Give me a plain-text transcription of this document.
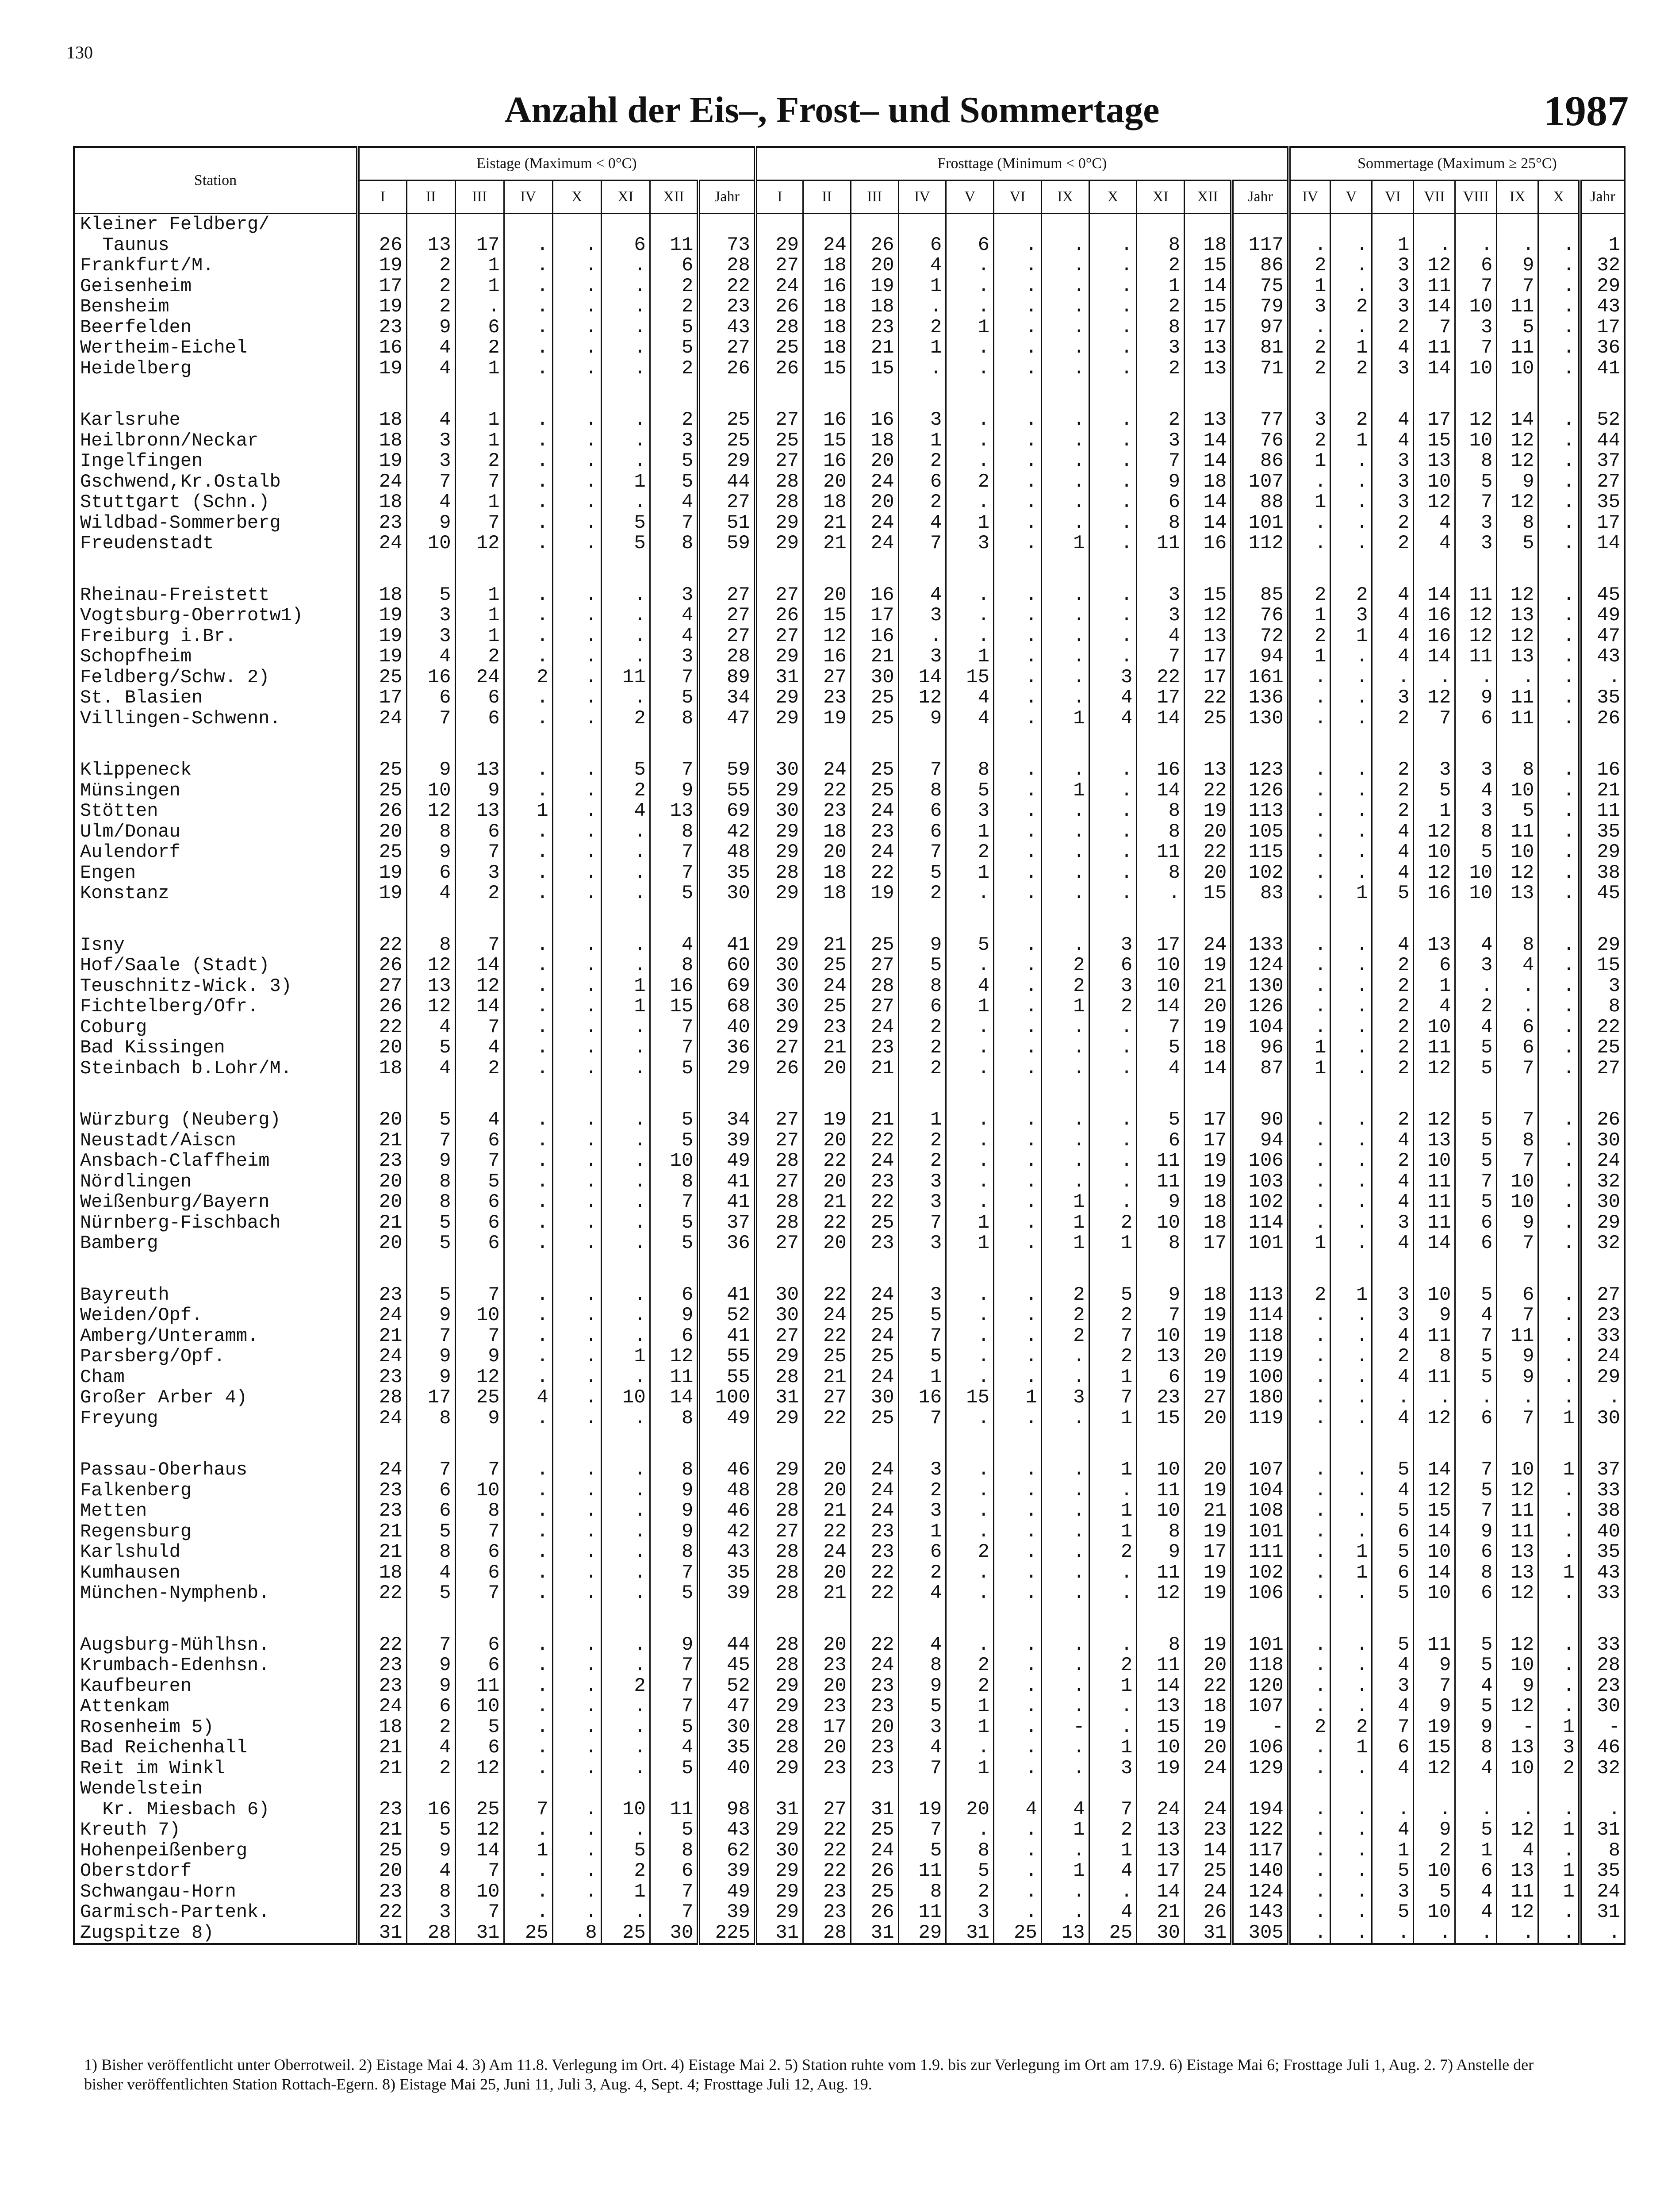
130
Anzahl der Eis–, Frost– und Sommertage	1987
Station	Eistage (Maximum < 0°C)								Frosttage (Minimum < 0°C)											Sommertage (Maximum ≥ 25°C)							
	I	II	III	IV	X	XI	XII	Jahr	I	II	III	IV	V	VI	IX	X	XI	XII	Jahr	IV	V	VI	VII	VIII	IX	X	Jahr
Kleiner Feldberg/																											
Taunus	26	13	17	.	.	6	11	73	29	24	26	6	6	.	.	.	8	18	117	.	.	1	.	.	.	.	1
Frankfurt/M.	19	2	1	.	.	.	6	28	27	18	20	4	.	.	.	.	2	15	86	2	.	3	12	6	9	.	32
Geisenheim	17	2	1	.	.	.	2	22	24	16	19	1	.	.	.	.	1	14	75	1	.	3	11	7	7	.	29
Bensheim	19	2	.	.	.	.	2	23	26	18	18	.	.	.	.	.	2	15	79	3	2	3	14	10	11	.	43
Beerfelden	23	9	6	.	.	.	5	43	28	18	23	2	1	.	.	.	8	17	97	.	.	2	7	3	5	.	17
Wertheim-Eichel	16	4	2	.	.	.	5	27	25	18	21	1	.	.	.	.	3	13	81	2	1	4	11	7	11	.	36
Heidelberg	19	4	1	.	.	.	2	26	26	15	15	.	.	.	.	.	2	13	71	2	2	3	14	10	10	.	41

Karlsruhe	18	4	1	.	.	.	2	25	27	16	16	3	.	.	.	.	2	13	77	3	2	4	17	12	14	.	52
Heilbronn/Neckar	18	3	1	.	.	.	3	25	25	15	18	1	.	.	.	.	3	14	76	2	1	4	15	10	12	.	44
Ingelfingen	19	3	2	.	.	.	5	29	27	16	20	2	.	.	.	.	7	14	86	1	.	3	13	8	12	.	37
Gschwend,Kr.Ostalb	24	7	7	.	.	1	5	44	28	20	24	6	2	.	.	.	9	18	107	.	.	3	10	5	9	.	27
Stuttgart (Schn.)	18	4	1	.	.	.	4	27	28	18	20	2	.	.	.	.	6	14	88	1	.	3	12	7	12	.	35
Wildbad-Sommerberg	23	9	7	.	.	5	7	51	29	21	24	4	1	.	.	.	8	14	101	.	.	2	4	3	8	.	17
Freudenstadt	24	10	12	.	.	5	8	59	29	21	24	7	3	.	1	.	11	16	112	.	.	2	4	3	5	.	14

Rheinau-Freistett	18	5	1	.	.	.	3	27	27	20	16	4	.	.	.	.	3	15	85	2	2	4	14	11	12	.	45
Vogtsburg-Oberrotw1)	19	3	1	.	.	.	4	27	26	15	17	3	.	.	.	.	3	12	76	1	3	4	16	12	13	.	49
Freiburg i.Br.	19	3	1	.	.	.	4	27	27	12	16	.	.	.	.	.	4	13	72	2	1	4	16	12	12	.	47
Schopfheim	19	4	2	.	.	.	3	28	29	16	21	3	1	.	.	.	7	17	94	1	.	4	14	11	13	.	43
Feldberg/Schw. 2)	25	16	24	2	.	11	7	89	31	27	30	14	15	.	.	3	22	17	161	.	.	.	.	.	.	.	.
St. Blasien	17	6	6	.	.	.	5	34	29	23	25	12	4	.	.	4	17	22	136	.	.	3	12	9	11	.	35
Villingen-Schwenn.	24	7	6	.	.	2	8	47	29	19	25	9	4	.	1	4	14	25	130	.	.	2	7	6	11	.	26

Klippeneck	25	9	13	.	.	5	7	59	30	24	25	7	8	.	.	.	16	13	123	.	.	2	3	3	8	.	16
Münsingen	25	10	9	.	.	2	9	55	29	22	25	8	5	.	1	.	14	22	126	.	.	2	5	4	10	.	21
Stötten	26	12	13	1	.	4	13	69	30	23	24	6	3	.	.	.	8	19	113	.	.	2	1	3	5	.	11
Ulm/Donau	20	8	6	.	.	.	8	42	29	18	23	6	1	.	.	.	8	20	105	.	.	4	12	8	11	.	35
Aulendorf	25	9	7	.	.	.	7	48	29	20	24	7	2	.	.	.	11	22	115	.	.	4	10	5	10	.	29
Engen	19	6	3	.	.	.	7	35	28	18	22	5	1	.	.	.	8	20	102	.	.	4	12	10	12	.	38
Konstanz	19	4	2	.	.	.	5	30	29	18	19	2	.	.	.	.	.	15	83	.	1	5	16	10	13	.	45

Isny	22	8	7	.	.	.	4	41	29	21	25	9	5	.	.	3	17	24	133	.	.	4	13	4	8	.	29
Hof/Saale (Stadt)	26	12	14	.	.	.	8	60	30	25	27	5	.	.	2	6	10	19	124	.	.	2	6	3	4	.	15
Teuschnitz-Wick. 3)	27	13	12	.	.	1	16	69	30	24	28	8	4	.	2	3	10	21	130	.	.	2	1	.	.	.	3
Fichtelberg/Ofr.	26	12	14	.	.	1	15	68	30	25	27	6	1	.	1	2	14	20	126	.	.	2	4	2	.	.	8
Coburg	22	4	7	.	.	.	7	40	29	23	24	2	.	.	.	.	7	19	104	.	.	2	10	4	6	.	22
Bad Kissingen	20	5	4	.	.	.	7	36	27	21	23	2	.	.	.	.	5	18	96	1	.	2	11	5	6	.	25
Steinbach b.Lohr/M.	18	4	2	.	.	.	5	29	26	20	21	2	.	.	.	.	4	14	87	1	.	2	12	5	7	.	27

Würzburg (Neuberg)	20	5	4	.	.	.	5	34	27	19	21	1	.	.	.	.	5	17	90	.	.	2	12	5	7	.	26
Neustadt/Aiscn	21	7	6	.	.	.	5	39	27	20	22	2	.	.	.	.	6	17	94	.	.	4	13	5	8	.	30
Ansbach-Claffheim	23	9	7	.	.	.	10	49	28	22	24	2	.	.	.	.	11	19	106	.	.	2	10	5	7	.	24
Nördlingen	20	8	5	.	.	.	8	41	27	20	23	3	.	.	.	.	11	19	103	.	.	4	11	7	10	.	32
Weißenburg/Bayern	20	8	6	.	.	.	7	41	28	21	22	3	.	.	1	.	9	18	102	.	.	4	11	5	10	.	30
Nürnberg-Fischbach	21	5	6	.	.	.	5	37	28	22	25	7	1	.	1	2	10	18	114	.	.	3	11	6	9	.	29
Bamberg	20	5	6	.	.	.	5	36	27	20	23	3	1	.	1	1	8	17	101	1	.	4	14	6	7	.	32

Bayreuth	23	5	7	.	.	.	6	41	30	22	24	3	.	.	2	5	9	18	113	2	1	3	10	5	6	.	27
Weiden/Opf.	24	9	10	.	.	.	9	52	30	24	25	5	.	.	2	2	7	19	114	.	.	3	9	4	7	.	23
Amberg/Unteramm.	21	7	7	.	.	.	6	41	27	22	24	7	.	.	2	7	10	19	118	.	.	4	11	7	11	.	33
Parsberg/Opf.	24	9	9	.	.	1	12	55	29	25	25	5	.	.	.	2	13	20	119	.	.	2	8	5	9	.	24
Cham	23	9	12	.	.	.	11	55	28	21	24	1	.	.	.	1	6	19	100	.	.	4	11	5	9	.	29
Großer Arber 4)	28	17	25	4	.	10	14	100	31	27	30	16	15	1	3	7	23	27	180	.	.	.	.	.	.	.	.
Freyung	24	8	9	.	.	.	8	49	29	22	25	7	.	.	.	1	15	20	119	.	.	4	12	6	7	1	30

Passau-Oberhaus	24	7	7	.	.	.	8	46	29	20	24	3	.	.	.	1	10	20	107	.	.	5	14	7	10	1	37
Falkenberg	23	6	10	.	.	.	9	48	28	20	24	2	.	.	.	.	11	19	104	.	.	4	12	5	12	.	33
Metten	23	6	8	.	.	.	9	46	28	21	24	3	.	.	.	1	10	21	108	.	.	5	15	7	11	.	38
Regensburg	21	5	7	.	.	.	9	42	27	22	23	1	.	.	.	1	8	19	101	.	.	6	14	9	11	.	40
Karlshuld	21	8	6	.	.	.	8	43	28	24	23	6	2	.	.	2	9	17	111	.	1	5	10	6	13	.	35
Kumhausen	18	4	6	.	.	.	7	35	28	20	22	2	.	.	.	.	11	19	102	.	1	6	14	8	13	1	43
München-Nymphenb.	22	5	7	.	.	.	5	39	28	21	22	4	.	.	.	.	12	19	106	.	.	5	10	6	12	.	33

Augsburg-Mühlhsn.	22	7	6	.	.	.	9	44	28	20	22	4	.	.	.	.	8	19	101	.	.	5	11	5	12	.	33
Krumbach-Edenhsn.	23	9	6	.	.	.	7	45	28	23	24	8	2	.	.	2	11	20	118	.	.	4	9	5	10	.	28
Kaufbeuren	23	9	11	.	.	2	7	52	29	20	23	9	2	.	.	1	14	22	120	.	.	3	7	4	9	.	23
Attenkam	24	6	10	.	.	.	7	47	29	23	23	5	1	.	.	.	13	18	107	.	.	4	9	5	12	.	30
Rosenheim 5)	18	2	5	.	.	.	5	30	28	17	20	3	1	.	-	.	15	19	-	2	2	7	19	9	-	1	-
Bad Reichenhall	21	4	6	.	.	.	4	35	28	20	23	4	.	.	.	1	10	20	106	.	1	6	15	8	13	3	46
Reit im Winkl	21	2	12	.	.	.	5	40	29	23	23	7	1	.	.	3	19	24	129	.	.	4	12	4	10	2	32
Wendelstein																											
Kr. Miesbach 6)	23	16	25	7	.	10	11	98	31	27	31	19	20	4	4	7	24	24	194	.	.	.	.	.	.	.	.
Kreuth 7)	21	5	12	.	.	.	5	43	29	22	25	7	.	.	1	2	13	23	122	.	.	4	9	5	12	1	31
Hohenpeißenberg	25	9	14	1	.	5	8	62	30	22	24	5	8	.	.	1	13	14	117	.	.	1	2	1	4	.	8
Oberstdorf	20	4	7	.	.	2	6	39	29	22	26	11	5	.	1	4	17	25	140	.	.	5	10	6	13	1	35
Schwangau-Horn	23	8	10	.	.	1	7	49	29	23	25	8	2	.	.	.	14	24	124	.	.	3	5	4	11	1	24
Garmisch-Partenk.	22	3	7	.	.	.	7	39	29	23	26	11	3	.	.	4	21	26	143	.	.	5	10	4	12	.	31
Zugspitze 8)	31	28	31	25	8	25	30	225	31	28	31	29	31	25	13	25	30	31	305	.	.	.	.	.	.	.	.
1) Bisher veröffentlicht unter Oberrotweil. 2) Eistage Mai 4. 3) Am 11.8. Verlegung im Ort. 4) Eistage Mai 2. 5) Station ruhte vom 1.9. bis zur Verlegung im Ort am 17.9. 6) Eistage Mai 6; Frosttage Juli 1, Aug. 2. 7) Anstelle der bisher veröffentlichten Station Rottach-Egern. 8) Eistage Mai 25, Juni 11, Juli 3, Aug. 4, Sept. 4; Frosttage Juli 12, Aug. 19.
